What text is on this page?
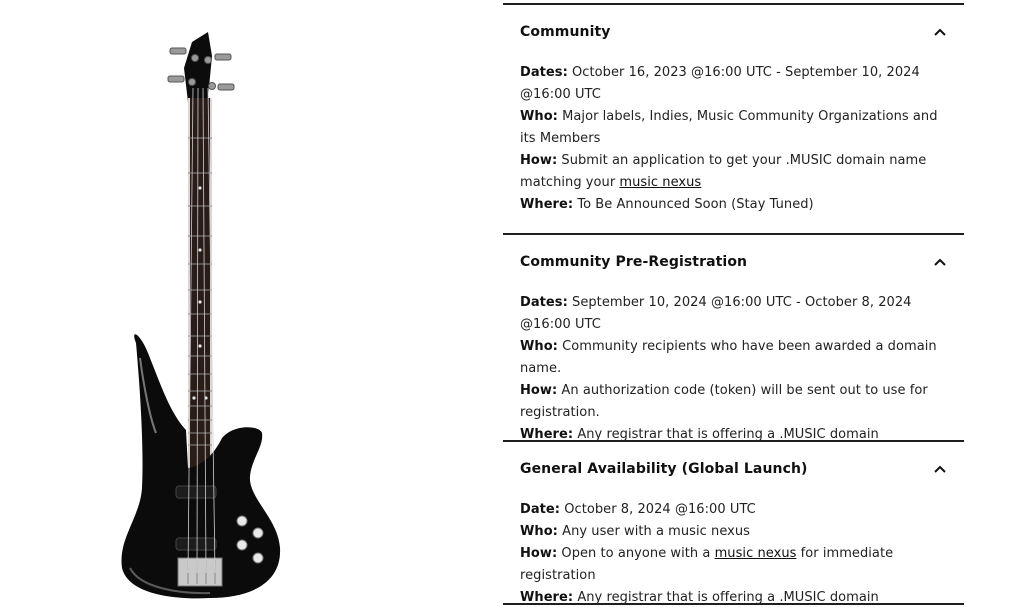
Community
Dates: October 16, 2023 @16:00 UTC - September 10, 2024 @16:00 UTC
Who: Major labels, Indies, Music Community Organizations and its Members
How: Submit an application to get your .MUSIC domain name matching your music nexus
Where: To Be Announced Soon (Stay Tuned)
Community Pre-Registration
Dates: September 10, 2024 @16:00 UTC - October 8, 2024 @16:00 UTC
Who: Community recipients who have been awarded a domain name.
How: An authorization code (token) will be sent out to use for registration.
Where: Any registrar that is offering a .MUSIC domain
General Availability (Global Launch)
Date: October 8, 2024 @16:00 UTC
Who: Any user with a music nexus
How: Open to anyone with a music nexus for immediate registration
Where: Any registrar that is offering a .MUSIC domain
